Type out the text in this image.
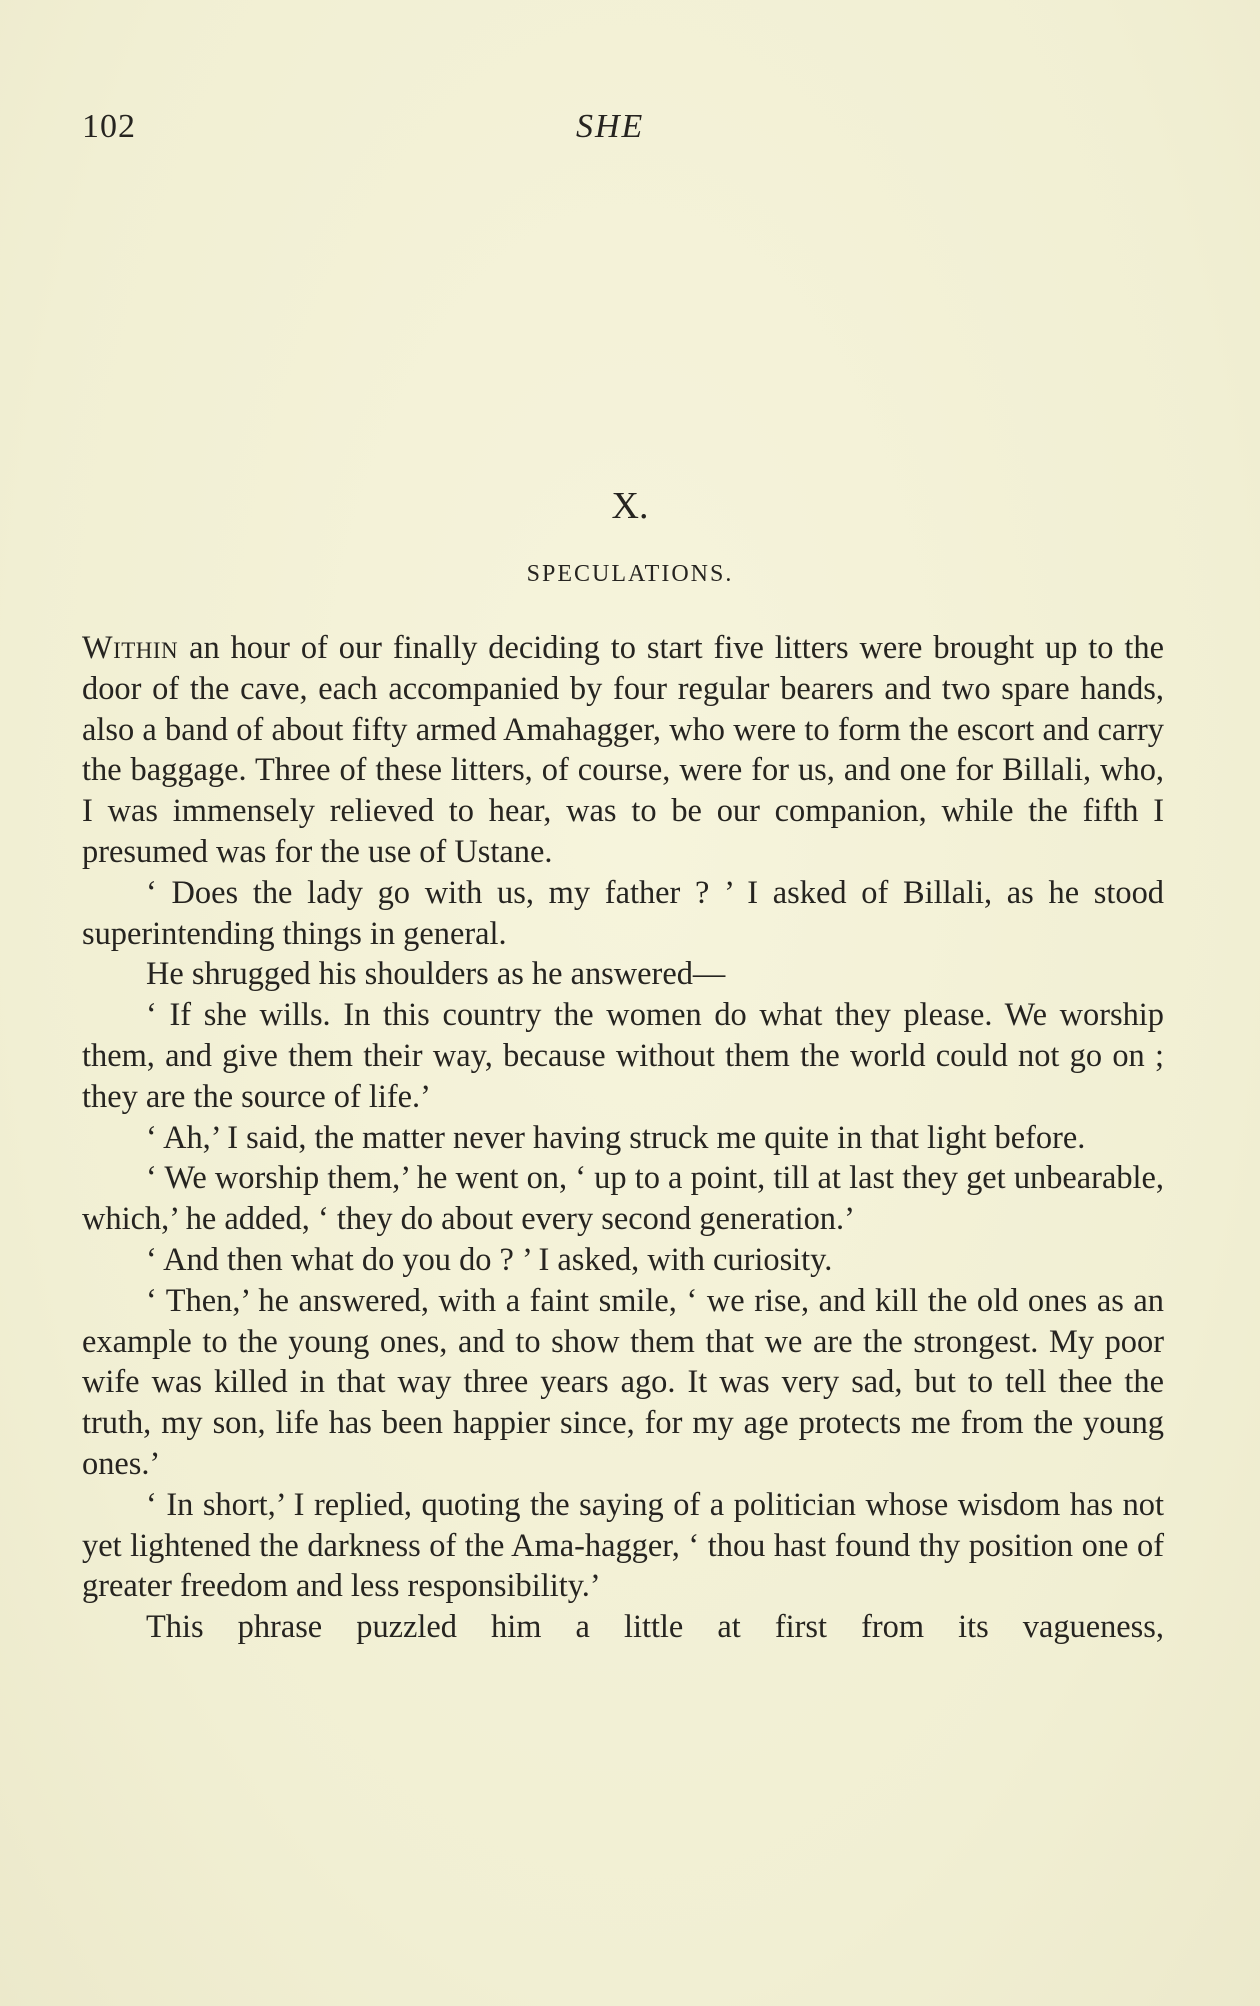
102	SHE
X.
SPECULATIONS.

Within an hour of our finally deciding to start five litters were brought up to the door of the cave, each accompanied by four regular bearers and two spare hands, also a band of about fifty armed Amahagger, who were to form the escort and carry the baggage. Three of these litters, of course, were for us, and one for Billali, who, I was immensely relieved to hear, was to be our companion, while the fifth I presumed was for the use of Ustane.

‘ Does the lady go with us, my father ? ’ I asked of Billali, as he stood superintending things in general.

He shrugged his shoulders as he answered—

‘ If she wills. In this country the women do what they please. We worship them, and give them their way, because without them the world could not go on ; they are the source of life.’

‘ Ah,’ I said, the matter never having struck me quite in that light before.

‘ We worship them,’ he went on, ‘ up to a point, till at last they get unbearable, which,’ he added, ‘ they do about every second generation.’

‘ And then what do you do ? ’ I asked, with curiosity.

‘ Then,’ he answered, with a faint smile, ‘ we rise, and kill the old ones as an example to the young ones, and to show them that we are the strongest. My poor wife was killed in that way three years ago. It was very sad, but to tell thee the truth, my son, life has been happier since, for my age protects me from the young ones.’

‘ In short,’ I replied, quoting the saying of a politician whose wisdom has not yet lightened the darkness of the Ama-hagger, ‘ thou hast found thy position one of greater freedom and less responsibility.’

This phrase puzzled him a little at first from its vagueness,
